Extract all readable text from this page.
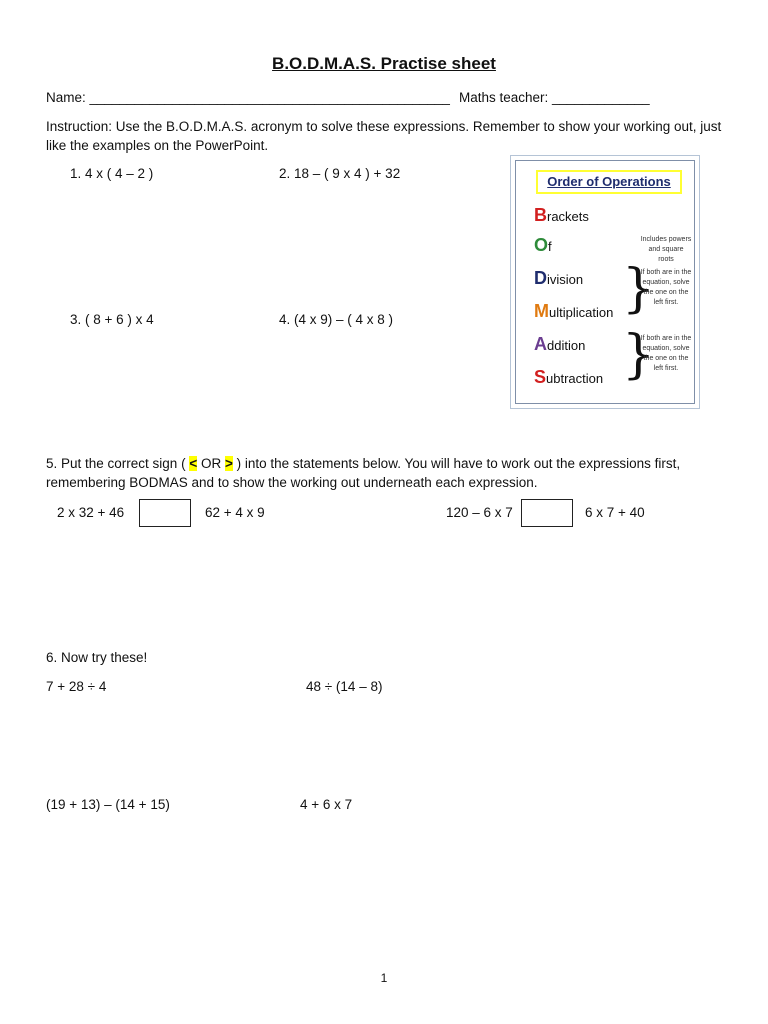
B.O.D.M.A.S. Practise sheet
Name: ________________________________________________ Maths teacher: _____________
Instruction: Use the B.O.D.M.A.S. acronym to solve these expressions. Remember to show your working out, just like the examples on the PowerPoint.
1. 4 x ( 4 – 2 )	2. 18 – ( 9 x 4 ) + 32
3. ( 8 + 6 ) x 4	4. (4 x 9) – ( 4 x 8 )
Order of Operations
Brackets
Of
Division
Multiplication
Addition
Subtraction
Includes powers and square roots
}
If both are in the equation, solve the one on the left first.
}
If both are in the equation, solve the one on the left first.
5. Put the correct sign ( < OR > ) into the statements below. You will have to work out the expressions first, remembering BODMAS and to show the working out underneath each expression.
2 x 32 + 46	62 + 4 x 9	120 – 6 x 7	6 x 7 + 40
6. Now try these!
7 + 28 ÷ 4	48 ÷ (14 – 8)
(19 + 13) – (14 + 15)	4 + 6 x 7
1
